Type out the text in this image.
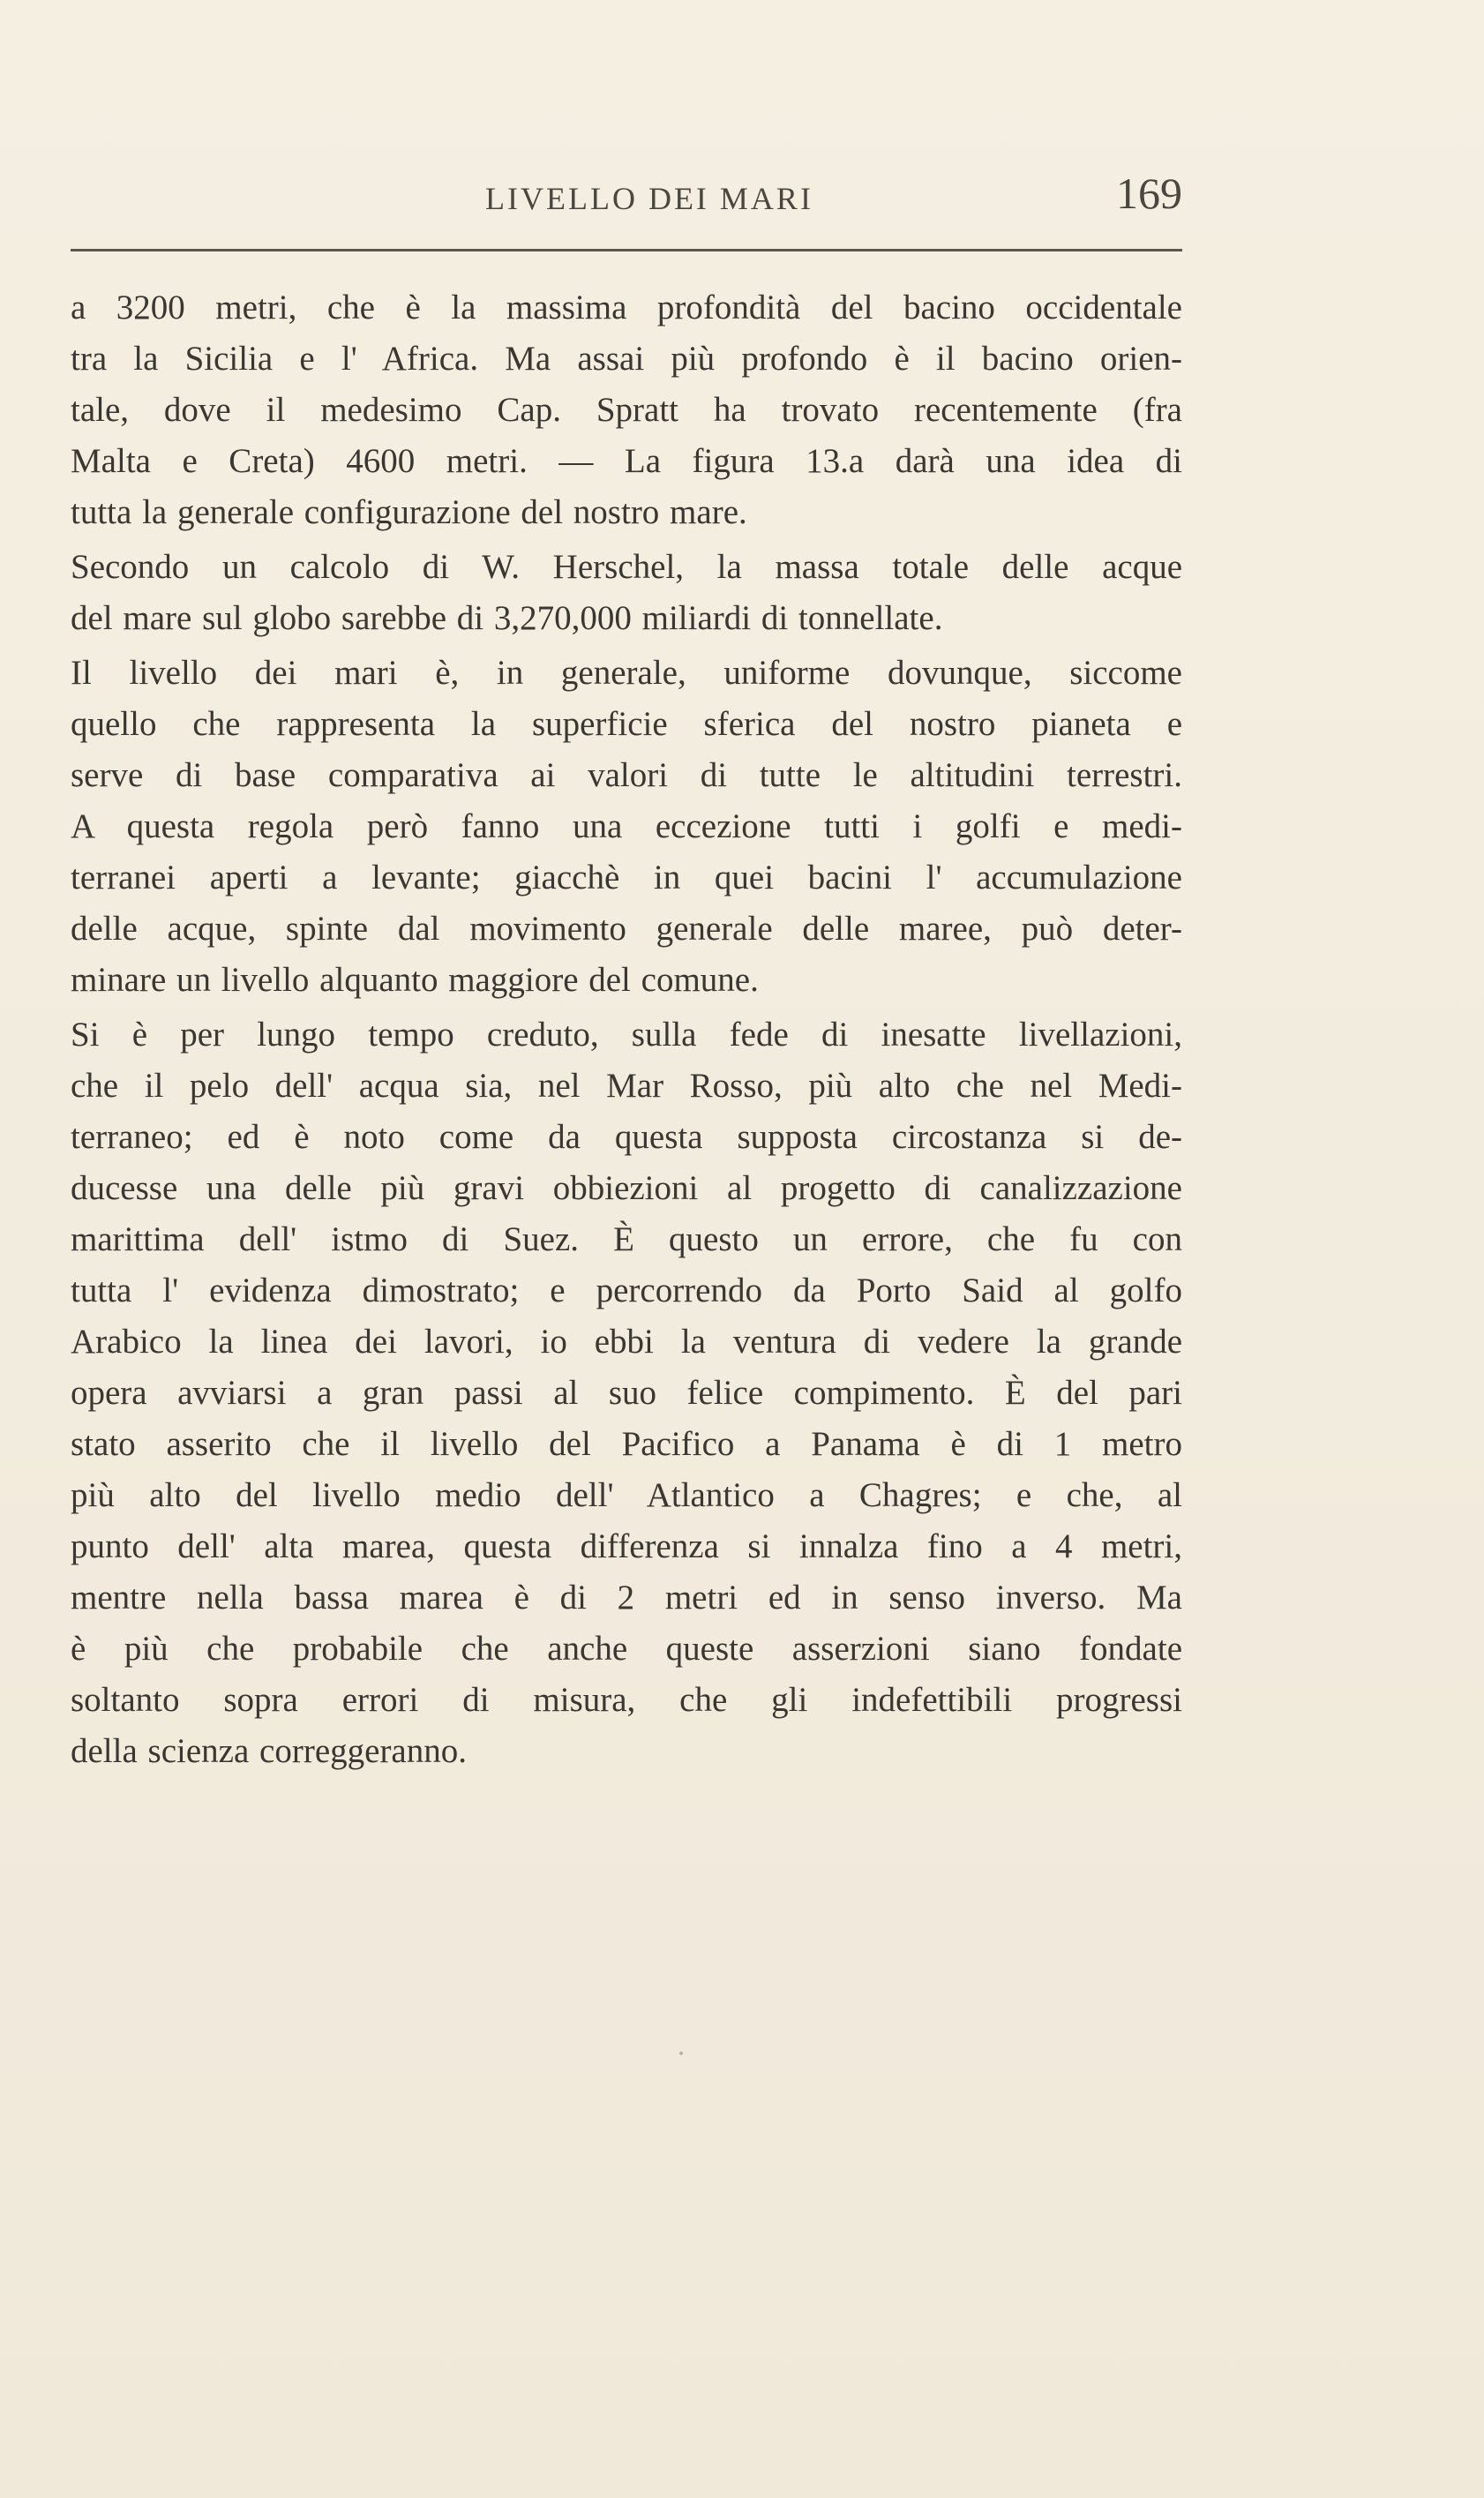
LIVELLO DEI MARI	169
a 3200 metri, che è la massima profondità del bacino occidentale
tra la Sicilia e l' Africa. Ma assai più profondo è il bacino orien-
tale, dove il medesimo Cap. Spratt ha trovato recentemente (fra
Malta e Creta) 4600 metri. — La figura 13.a darà una idea di
tutta la generale configurazione del nostro mare.
Secondo un calcolo di W. Herschel, la massa totale delle acque
del mare sul globo sarebbe di 3,270,000 miliardi di tonnellate.
Il livello dei mari è, in generale, uniforme dovunque, siccome
quello che rappresenta la superficie sferica del nostro pianeta e
serve di base comparativa ai valori di tutte le altitudini terrestri.
A questa regola però fanno una eccezione tutti i golfi e medi-
terranei aperti a levante; giacchè in quei bacini l' accumulazione
delle acque, spinte dal movimento generale delle maree, può deter-
minare un livello alquanto maggiore del comune.
Si è per lungo tempo creduto, sulla fede di inesatte livellazioni,
che il pelo dell' acqua sia, nel Mar Rosso, più alto che nel Medi-
terraneo; ed è noto come da questa supposta circostanza si de-
ducesse una delle più gravi obbiezioni al progetto di canalizzazione
marittima dell' istmo di Suez. È questo un errore, che fu con
tutta l' evidenza dimostrato; e percorrendo da Porto Said al golfo
Arabico la linea dei lavori, io ebbi la ventura di vedere la grande
opera avviarsi a gran passi al suo felice compimento. È del pari
stato asserito che il livello del Pacifico a Panama è di 1 metro
più alto del livello medio dell' Atlantico a Chagres; e che, al
punto dell' alta marea, questa differenza si innalza fino a 4 metri,
mentre nella bassa marea è di 2 metri ed in senso inverso. Ma
è più che probabile che anche queste asserzioni siano fondate
soltanto sopra errori di misura, che gli indefettibili progressi
della scienza correggeranno.
